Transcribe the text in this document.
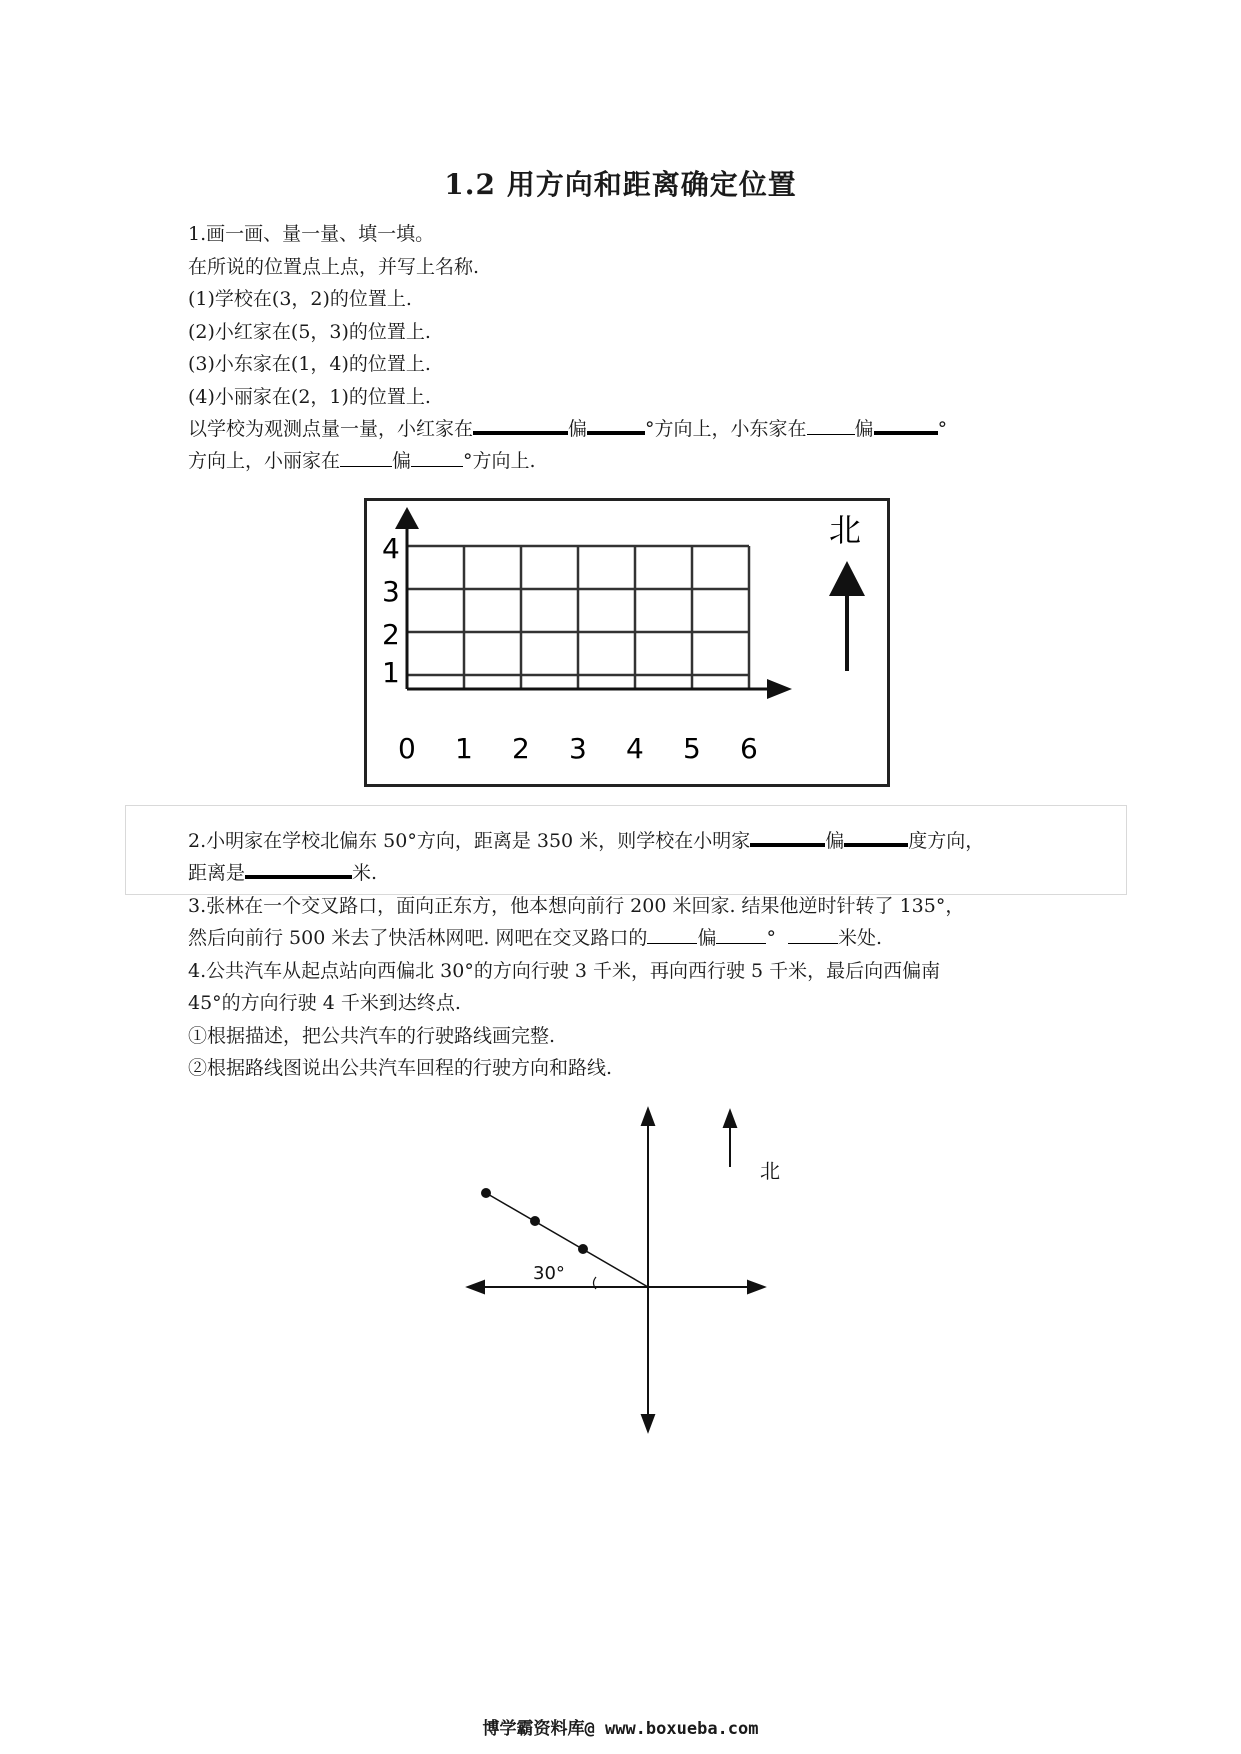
1.2 用方向和距离确定位置
1.画一画、量一量、填一填。
在所说的位置点上点，并写上名称.
(1)学校在(3，2)的位置上.
(2)小红家在(5，3)的位置上.
(3)小东家在(1，4)的位置上.
(4)小丽家在(2，1)的位置上.
以学校为观测点量一量，小红家在	偏	°方向上，小东家在	偏	°
方向上，小丽家在	偏	°方向上.
4
3
2
1
0 1 2 3 4 5 6
北
2.小明家在学校北偏东 50°方向，距离是 350 米，则学校在小明家	偏	度方向，
距离是	米.
3.张林在一个交叉路口，面向正东方，他本想向前行 200 米回家. 结果他逆时针转了 135°，
然后向前行 500 米去了快活林网吧. 网吧在交叉路口的	偏	°	米处.
4.公共汽车从起点站向西偏北 30°的方向行驶 3 千米，再向西行驶 5 千米，最后向西偏南
45°的方向行驶 4 千米到达终点.
①根据描述，把公共汽车的行驶路线画完整.
②根据路线图说出公共汽车回程的行驶方向和路线.
30°
北
博学霸资料库@ www.boxueba.com
